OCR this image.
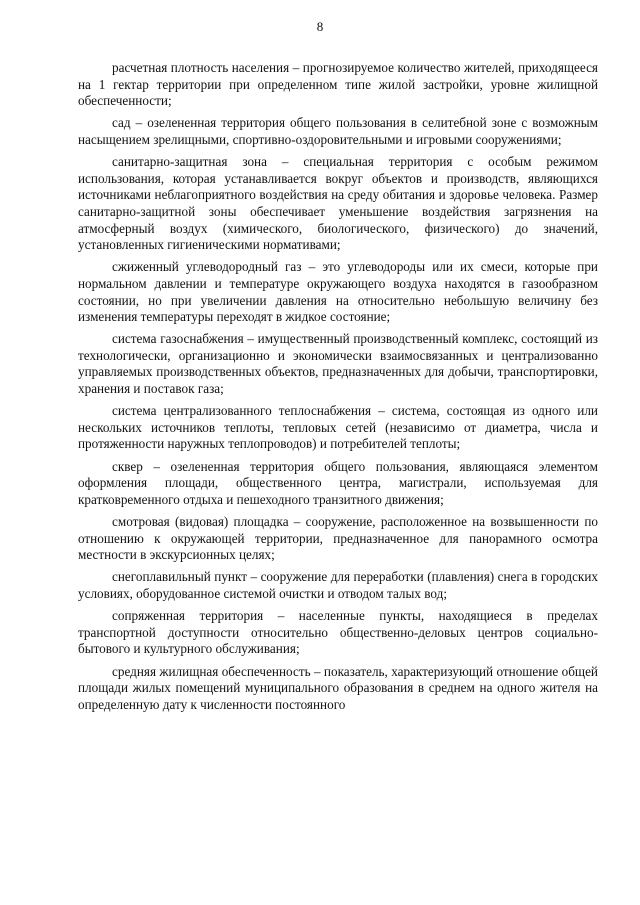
8

расчетная плотность населения – прогнозируемое количество жителей, приходящееся на 1 гектар территории при определенном типе жилой застройки, уровне жилищной обеспеченности;

сад – озелененная территория общего пользования в селитебной зоне с возможным насыщением зрелищными, спортивно-оздоровительными и игровыми сооружениями;

санитарно-защитная зона – специальная территория с особым режимом использования, которая устанавливается вокруг объектов и производств, являющихся источниками неблагоприятного воздействия на среду обитания и здоровье человека. Размер санитарно-защитной зоны обеспечивает уменьшение воздействия загрязнения на атмосферный воздух (химического, биологического, физического) до значений, установленных гигиеническими нормативами;

сжиженный углеводородный газ – это углеводороды или их смеси, которые при нормальном давлении и температуре окружающего воздуха находятся в газообразном состоянии, но при увеличении давления на относительно небольшую величину без изменения температуры переходят в жидкое состояние;

система газоснабжения – имущественный производственный комплекс, состоящий из технологически, организационно и экономически взаимосвязанных и централизованно управляемых производственных объектов, предназначенных для добычи, транспортировки, хранения и поставок газа;

система централизованного теплоснабжения – система, состоящая из одного или нескольких источников теплоты, тепловых сетей (независимо от диаметра, числа и протяженности наружных теплопроводов) и потребителей теплоты;

сквер – озелененная территория общего пользования, являющаяся элементом оформления площади, общественного центра, магистрали, используемая для кратковременного отдыха и пешеходного транзитного движения;

смотровая (видовая) площадка – сооружение, расположенное на возвышенности по отношению к окружающей территории, предназначенное для панорамного осмотра местности в экскурсионных целях;

снегоплавильный пункт – сооружение для переработки (плавления) снега в городских условиях, оборудованное системой очистки и отводом талых вод;

сопряженная территория – населенные пункты, находящиеся в пределах транспортной доступности относительно общественно-деловых центров социально-бытового и культурного обслуживания;

средняя жилищная обеспеченность – показатель, характеризующий отношение общей площади жилых помещений муниципального образования в среднем на одного жителя на определенную дату к численности постоянного
